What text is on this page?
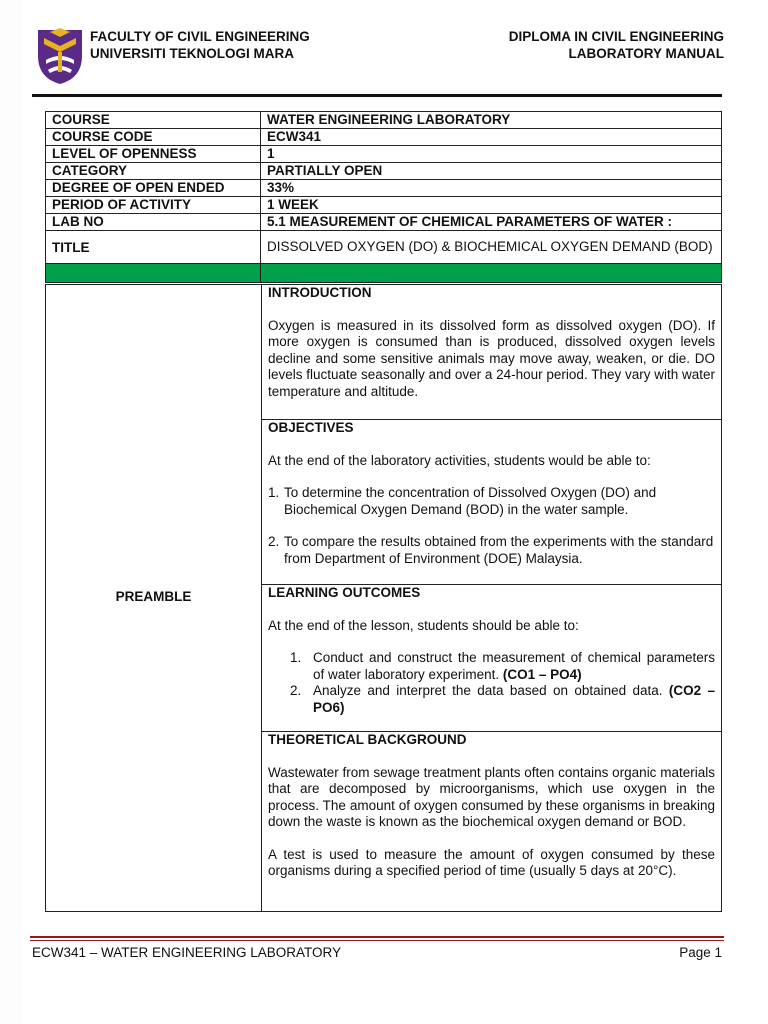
FACULTY OF CIVIL ENGINEERING
UNIVERSITI TEKNOLOGI MARA
DIPLOMA IN CIVIL ENGINEERING
LABORATORY MANUAL
COURSE	WATER ENGINEERING LABORATORY
COURSE CODE	ECW341
LEVEL OF OPENNESS	1
CATEGORY	PARTIALLY OPEN
DEGREE OF OPEN ENDED	33%
PERIOD OF ACTIVITY	1 WEEK
LAB NO	5.1 MEASUREMENT OF CHEMICAL PARAMETERS OF WATER :
TITLE	DISSOLVED OXYGEN (DO) & BIOCHEMICAL OXYGEN DEMAND (BOD)

PREAMBLE

INTRODUCTION

Oxygen is measured in its dissolved form as dissolved oxygen (DO). If more oxygen is consumed than is produced, dissolved oxygen levels decline and some sensitive animals may move away, weaken, or die. DO levels fluctuate seasonally and over a 24-hour period. They vary with water temperature and altitude.

OBJECTIVES

At the end of the laboratory activities, students would be able to:

1. To determine the concentration of Dissolved Oxygen (DO) and Biochemical Oxygen Demand (BOD) in the water sample.
2. To compare the results obtained from the experiments with the standard from Department of Environment (DOE) Malaysia.

LEARNING OUTCOMES

At the end of the lesson, students should be able to:

1. Conduct and construct the measurement of chemical parameters of water laboratory experiment. (CO1 – PO4)
2. Analyze and interpret the data based on obtained data. (CO2 – PO6)

THEORETICAL BACKGROUND

Wastewater from sewage treatment plants often contains organic materials that are decomposed by microorganisms, which use oxygen in the process. The amount of oxygen consumed by these organisms in breaking down the waste is known as the biochemical oxygen demand or BOD.

A test is used to measure the amount of oxygen consumed by these organisms during a specified period of time (usually 5 days at 20°C).

ECW341 – WATER ENGINEERING LABORATORY	Page 1
